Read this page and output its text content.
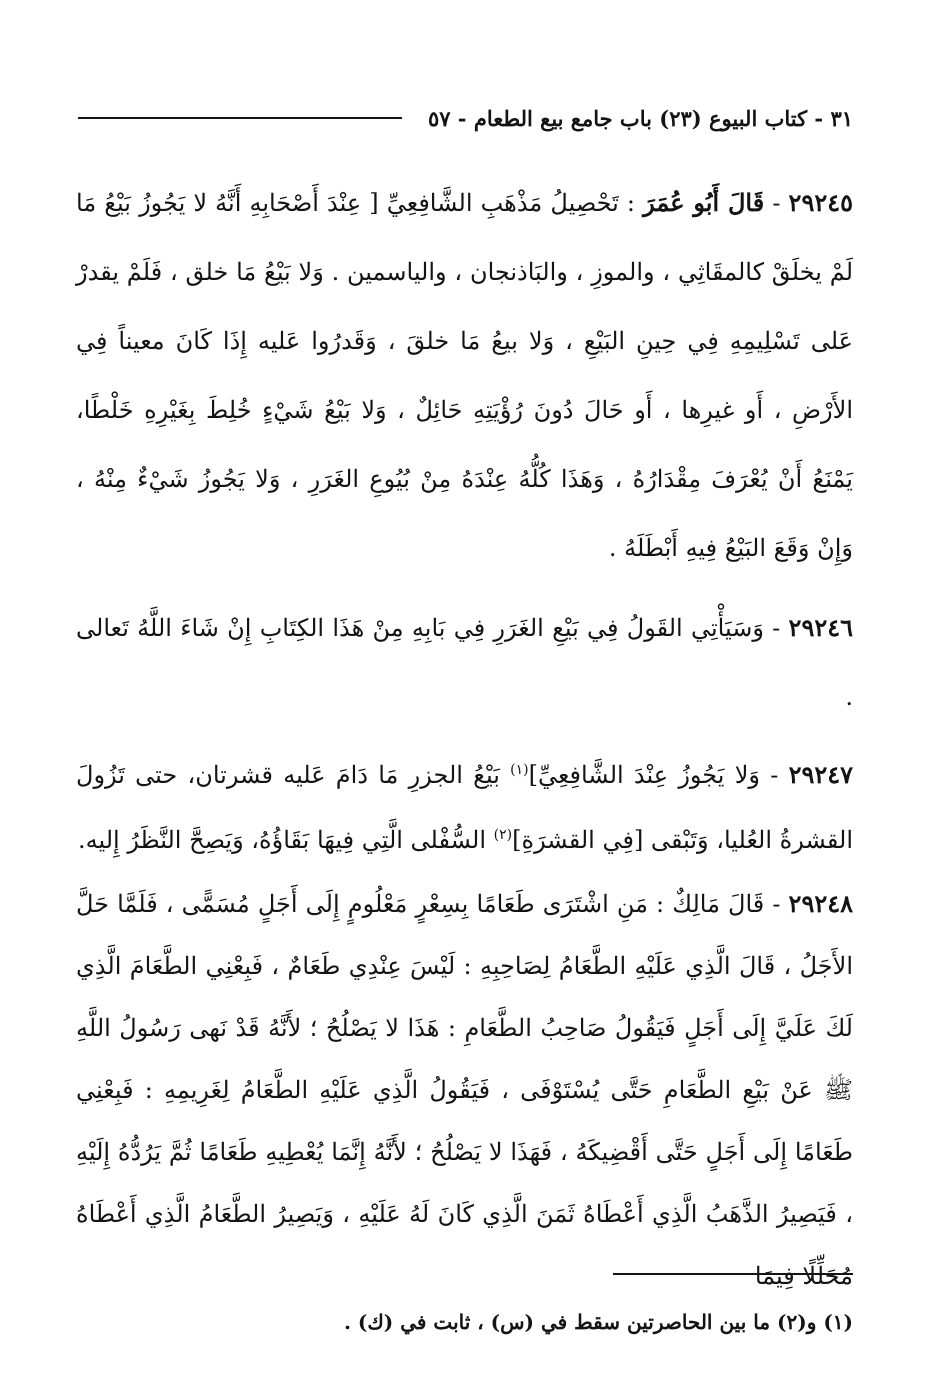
٣١ - كتاب البيوع (٢٣) باب جامع بيع الطعام - ٥٧

٢٩٢٤٥ - قَالَ أَبُو عُمَرَ : تَحْصِيلُ مَذْهَبِ الشَّافِعِيِّ [ عِنْدَ أَصْحَابِهِ أَنَّهُ لا يَجُوزُ بَيْعُ مَا لَمْ يخلَقْ كالمقَاثِي ، والموزِ ، والبَاذنجان ، والياسمين . وَلا بَيْعُ مَا خلق ، فَلَمْ يقدرْ عَلى تَسْلِيمِهِ فِي حِينِ البَيْعِ ، وَلا بيعُ مَا خلقَ ، وَقَدرُوا عَليه إِذَا كَانَ معيناً فِي الأَرْضِ ، أَو غيرِها ، أَو حَالَ دُونَ رُؤْيَتِهِ حَائِلٌ ، وَلا بَيْعُ شَيْءٍ خُلِطَ بِغَيْرِهِ خَلْطًا، يَمْنَعُ أَنْ يُعْرَفَ مِقْدَارُهُ ، وَهَذَا كُلُّهُ عِنْدَهُ مِنْ بُيُوعِ الغَرَرِ ، وَلا يَجُوزُ شَيْءٌ مِنْهُ ، وَإِنْ وَقَعَ البَيْعُ فِيهِ أَبْطَلَهُ .

٢٩٢٤٦ - وَسَيَأْتِي القَولُ فِي بَيْعِ الغَرَرِ فِي بَابِهِ مِنْ هَذَا الكِتَابِ إِنْ شَاءَ اللَّهُ تَعالى .

٢٩٢٤٧ - وَلا يَجُوزُ عِنْدَ الشَّافِعِيِّ]$^{(١)}$ بَيْعُ الجزرِ مَا دَامَ عَليه قشرتان، حتى تَزُولَ القشرةُ العُليا، وَتَبْقى [فِي القشرَةِ]$^{(٢)}$ السُّفْلى الَّتِي فِيهَا بَقَاؤُهُ، وَيَصِحَّ النَّظَرُ إِليه.

٢٩٢٤٨ - قَالَ مَالِكٌ : مَنِ اشْتَرَى طَعَامًا بِسِعْرٍ مَعْلُومٍ إِلَى أَجَلٍ مُسَمًّى ، فَلَمَّا حَلَّ الأَجَلُ ، قَالَ الَّذِي عَلَيْهِ الطَّعَامُ لِصَاحِبِهِ : لَيْسَ عِنْدِي طَعَامٌ ، فَبِعْنِي الطَّعَامَ الَّذِي لَكَ عَلَيَّ إِلَى أَجَلٍ فَيَقُولُ صَاحِبُ الطَّعَامِ : هَذَا لا يَصْلُحُ ؛ لأَنَّهُ قَدْ نَهى رَسُولُ اللَّهِ ﷺ عَنْ بَيْعِ الطَّعَامِ حَتَّى يُسْتَوْفَى ، فَيَقُولُ الَّذِي عَلَيْهِ الطَّعَامُ لِغَرِيمِهِ : فَبِعْنِي طَعَامًا إِلَى أَجَلٍ حَتَّى أَقْضِيكَهُ ، فَهَذَا لا يَصْلُحُ ؛ لأَنَّهُ إِنَّمَا يُعْطِيهِ طَعَامًا ثُمَّ يَرُدُّهُ إِلَيْهِ ، فَيَصِيرُ الذَّهَبُ الَّذِي أَعْطَاهُ ثَمَنَ الَّذِي كَانَ لَهُ عَلَيْهِ ، وَيَصِيرُ الطَّعَامُ الَّذِي أَعْطَاهُ مُحَلِّلًا فِيمَا

(١) و(٢) ما بين الحاصرتين سقط في (س) ، ثابت في (ك) .
